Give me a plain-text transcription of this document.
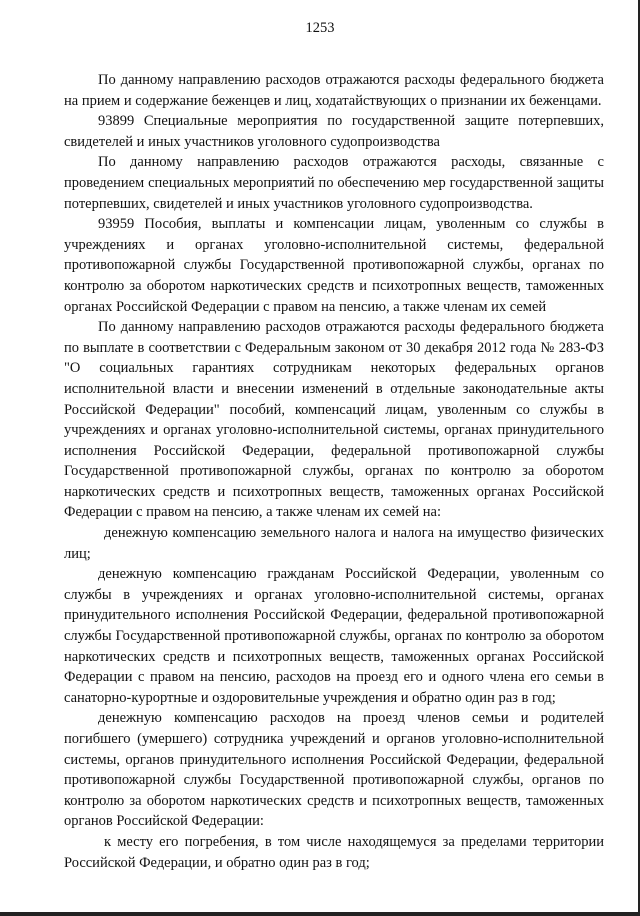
1253

По данному направлению расходов отражаются расходы федерального бюджета на прием и содержание беженцев и лиц, ходатайствующих о признании их беженцами.

93899 Специальные мероприятия по государственной защите потерпевших, свидетелей и иных участников уголовного судопроизводства

По данному направлению расходов отражаются расходы, связанные с проведением специальных мероприятий по обеспечению мер государственной защиты потерпевших, свидетелей и иных участников уголовного судопроизводства.

93959 Пособия, выплаты и компенсации лицам, уволенным со службы в учреждениях и органах уголовно-исполнительной системы, федеральной противопожарной службы Государственной противопожарной службы, органах по контролю за оборотом наркотических средств и психотропных веществ, таможенных органах Российской Федерации с правом на пенсию, а также членам их семей

По данному направлению расходов отражаются расходы федерального бюджета по выплате в соответствии с Федеральным законом от 30 декабря 2012 года № 283-ФЗ "О социальных гарантиях сотрудникам некоторых федеральных органов исполнительной власти и внесении изменений в отдельные законодательные акты Российской Федерации" пособий, компенсаций лицам, уволенным со службы в учреждениях и органах уголовно-исполнительной системы, органах принудительного исполнения Российской Федерации, федеральной противопожарной службы Государственной противопожарной службы, органах по контролю за оборотом наркотических средств и психотропных веществ, таможенных органах Российской Федерации с правом на пенсию, а также членам их семей на:

денежную компенсацию земельного налога и налога на имущество физических лиц;

денежную компенсацию гражданам Российской Федерации, уволенным со службы в учреждениях и органах уголовно-исполнительной системы, органах принудительного исполнения Российской Федерации, федеральной противопожарной службы Государственной противопожарной службы, органах по контролю за оборотом наркотических средств и психотропных веществ, таможенных органах Российской Федерации с правом на пенсию, расходов на проезд его и одного члена его семьи в санаторно-курортные и оздоровительные учреждения и обратно один раз в год;

денежную компенсацию расходов на проезд членов семьи и родителей погибшего (умершего) сотрудника учреждений и органов уголовно-исполнительной системы, органов принудительного исполнения Российской Федерации, федеральной противопожарной службы Государственной противопожарной службы, органов по контролю за оборотом наркотических средств и психотропных веществ, таможенных органов Российской Федерации:

к месту его погребения, в том числе находящемуся за пределами территории Российской Федерации, и обратно один раз в год;
